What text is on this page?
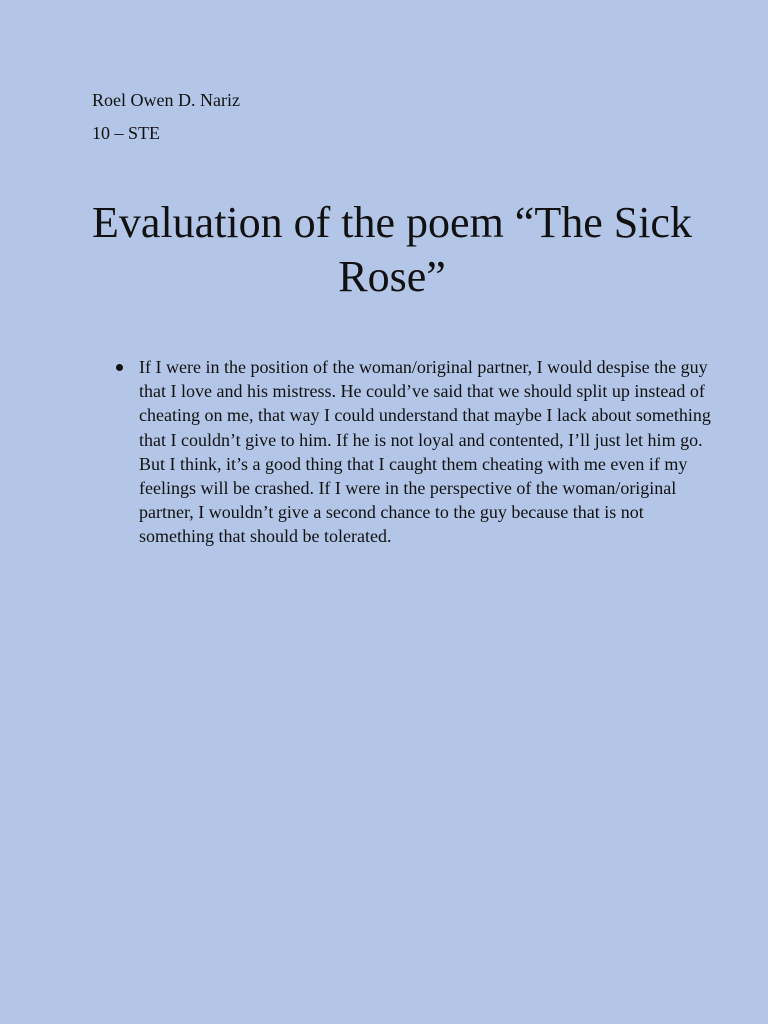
Roel Owen D. Nariz
10 – STE
Evaluation of the poem “The Sick Rose”
If I were in the position of the woman/original partner, I would despise the guy that I love and his mistress. He could’ve said that we should split up instead of cheating on me, that way I could understand that maybe I lack about something that I couldn’t give to him. If he is not loyal and contented, I’ll just let him go. But I think, it’s a good thing that I caught them cheating with me even if my feelings will be crashed. If I were in the perspective of the woman/original partner, I wouldn’t give a second chance to the guy because that is not something that should be tolerated.
